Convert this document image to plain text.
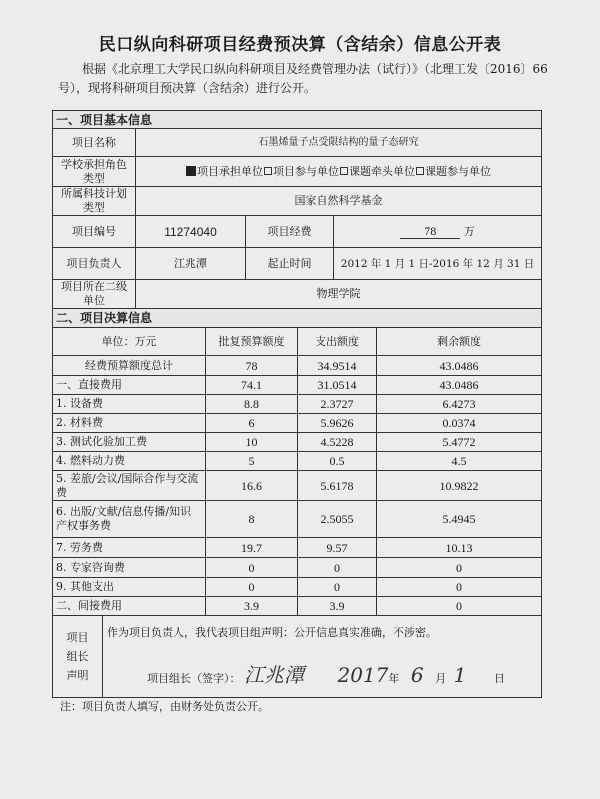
民口纵向科研项目经费预决算（含结余）信息公开表
根据《北京理工大学民口纵向科研项目及经费管理办法（试行）》（北理工发〔2016〕66号），现将科研项目预决算（含结余）进行公开。
一、项目基本信息			
项目名称	石墨烯量子点受限结构的量子态研究		
学校承担角色类型	项目承担单位 项目参与单位 课题牵头单位 课题参与单位		
所属科技计划类型	国家自然科学基金		
项目编号	11274040	项目经费	78 万
项目负责人	江兆潭	起止时间	2012 年 1 月 1 日-2016 年 12 月 31 日
项目所在二级单位	物理学院		
二、项目决算信息			
单位：万元	批复预算额度	支出额度	剩余额度
经费预算额度总计	78	34.9514	43.0486
一、直接费用	74.1	31.0514	43.0486
1. 设备费	8.8	2.3727	6.4273
2. 材料费	6	5.9626	0.0374
3. 测试化验加工费	10	4.5228	5.4772
4. 燃料动力费	5	0.5	4.5
5. 差旅/会议/国际合作与交流费	16.6	5.6178	10.9822
6. 出版/文献/信息传播/知识产权事务费	8	2.5055	5.4945
7. 劳务费	19.7	9.57	10.13
8. 专家咨询费	0	0	0
9. 其他支出	0	0	0
二、间接费用	3.9	3.9	0
项目组长声明	
作为项目负责人，我代表项目组声明：公开信息真实准确，不涉密。
项目组长（签字）： 江兆潭 2017年 6 月 1	日
注：项目负责人填写，由财务处负责公开。
